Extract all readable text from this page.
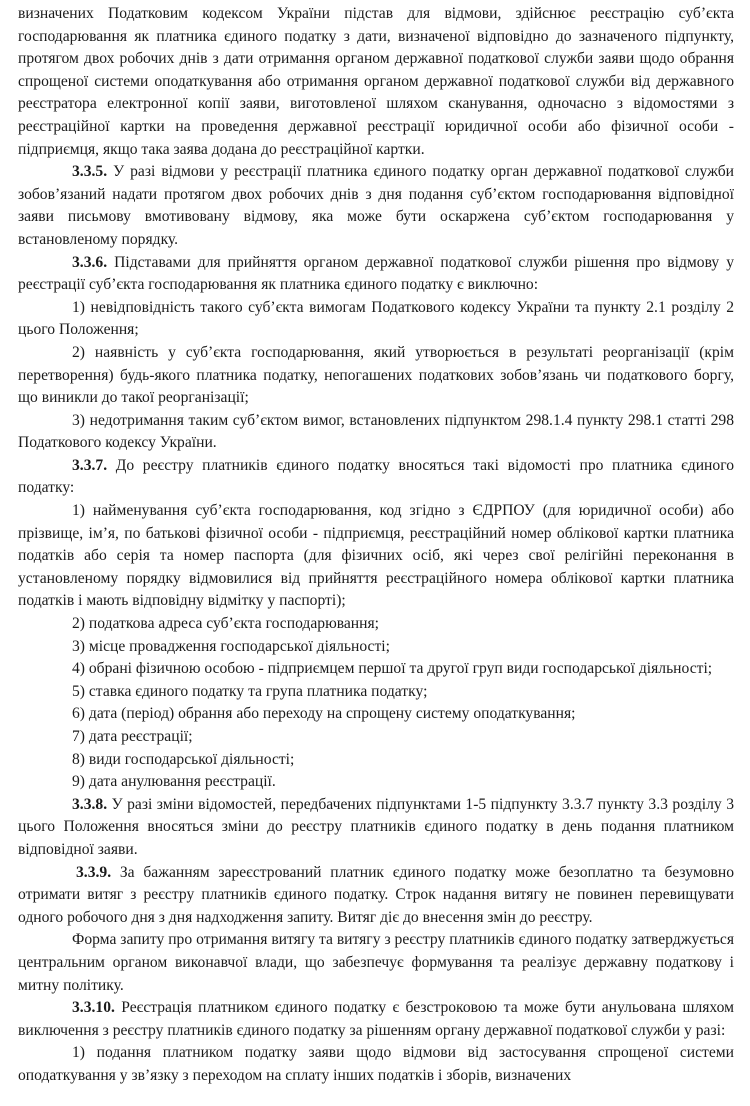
визначених Податковим кодексом України підстав для відмови, здійснює реєстрацію суб’єкта господарювання як платника єдиного податку з дати, визначеної відповідно до зазначеного підпункту, протягом двох робочих днів з дати отримання органом державної податкової служби заяви щодо обрання спрощеної системи оподаткування або отримання органом державної податкової служби від державного реєстратора електронної копії заяви, виготовленої шляхом сканування, одночасно з відомостями з реєстраційної картки на проведення державної реєстрації юридичної особи або фізичної особи - підприємця, якщо така заява додана до реєстраційної картки.

3.3.5. У разі відмови у реєстрації платника єдиного податку орган державної податкової служби зобов’язаний надати протягом двох робочих днів з дня подання суб’єктом господарювання відповідної заяви письмову вмотивовану відмову, яка може бути оскаржена суб’єктом господарювання у встановленому порядку.

3.3.6. Підставами для прийняття органом державної податкової служби рішення про відмову у реєстрації суб’єкта господарювання як платника єдиного податку є виключно:

1) невідповідність такого суб’єкта вимогам Податкового кодексу України та пункту 2.1 розділу 2 цього Положення;

2) наявність у суб’єкта господарювання, який утворюється в результаті реорганізації (крім перетворення) будь-якого платника податку, непогашених податкових зобов’язань чи податкового боргу, що виникли до такої реорганізації;

3) недотримання таким суб’єктом вимог, встановлених підпунктом 298.1.4 пункту 298.1 статті 298 Податкового кодексу України.

3.3.7. До реєстру платників єдиного податку вносяться такі відомості про платника єдиного податку:

1) найменування суб’єкта господарювання, код згідно з ЄДРПОУ (для юридичної особи) або прізвище, ім’я, по батькові фізичної особи - підприємця, реєстраційний номер облікової картки платника податків або серія та номер паспорта (для фізичних осіб, які через свої релігійні переконання в установленому порядку відмовилися від прийняття реєстраційного номера облікової картки платника податків і мають відповідну відмітку у паспорті);

2) податкова адреса суб’єкта господарювання;

3) місце провадження господарської діяльності;

4) обрані фізичною особою - підприємцем першої та другої груп види господарської діяльності;

5) ставка єдиного податку та група платника податку;

6) дата (період) обрання або переходу на спрощену систему оподаткування;

7) дата реєстрації;

8) види господарської діяльності;

9) дата анулювання реєстрації.

3.3.8. У разі зміни відомостей, передбачених підпунктами 1-5 підпункту 3.3.7 пункту 3.3 розділу 3 цього Положення вносяться зміни до реєстру платників єдиного податку в день подання платником відповідної заяви.

3.3.9. За бажанням зареєстрований платник єдиного податку може безоплатно та безумовно отримати витяг з реєстру платників єдиного податку. Строк надання витягу не повинен перевищувати одного робочого дня з дня надходження запиту. Витяг діє до внесення змін до реєстру.

Форма запиту про отримання витягу та витягу з реєстру платників єдиного податку затверджується центральним органом виконавчої влади, що забезпечує формування та реалізує державну податкову і митну політику.

3.3.10. Реєстрація платником єдиного податку є безстроковою та може бути анульована шляхом виключення з реєстру платників єдиного податку за рішенням органу державної податкової служби у разі:

1) подання платником податку заяви щодо відмови від застосування спрощеної системи оподаткування у зв’язку з переходом на сплату інших податків і зборів, визначених
